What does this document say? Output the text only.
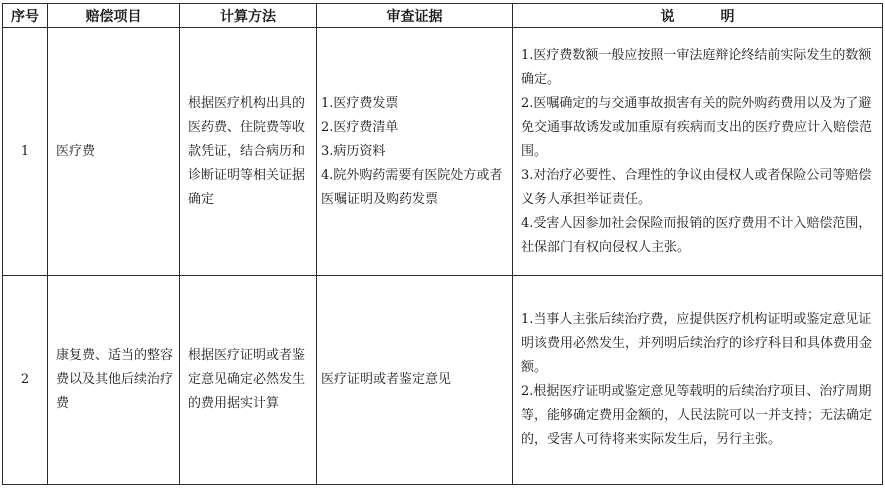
序号	赔偿项目	计算方法	审查证据	说 明
1	医疗费	根据医疗机构出具的医药费、住院费等收款凭证，结合病历和诊断证明等相关证据确定	1.医疗费发票
2.医疗费清单
3.病历资料
4.院外购药需要有医院处方或者医嘱证明及购药发票	1.医疗费数额一般应按照一审法庭辩论终结前实际发生的数额确定。
2.医嘱确定的与交通事故损害有关的院外购药费用以及为了避免交通事故诱发或加重原有疾病而支出的医疗费应计入赔偿范围。
3.对治疗必要性、合理性的争议由侵权人或者保险公司等赔偿义务人承担举证责任。
4.受害人因参加社会保险而报销的医疗费用不计入赔偿范围，社保部门有权向侵权人主张。

2	康复费、适当的整容费以及其他后续治疗费	根据医疗证明或者鉴定意见确定必然发生的费用据实计算	医疗证明或者鉴定意见	1.当事人主张后续治疗费，应提供医疗机构证明或鉴定意见证明该费用必然发生，并列明后续治疗的诊疗科目和具体费用金额。
2.根据医疗证明或鉴定意见等载明的后续治疗项目、治疗周期等，能够确定费用金额的，人民法院可以一并支持；无法确定的，受害人可待将来实际发生后，另行主张。
